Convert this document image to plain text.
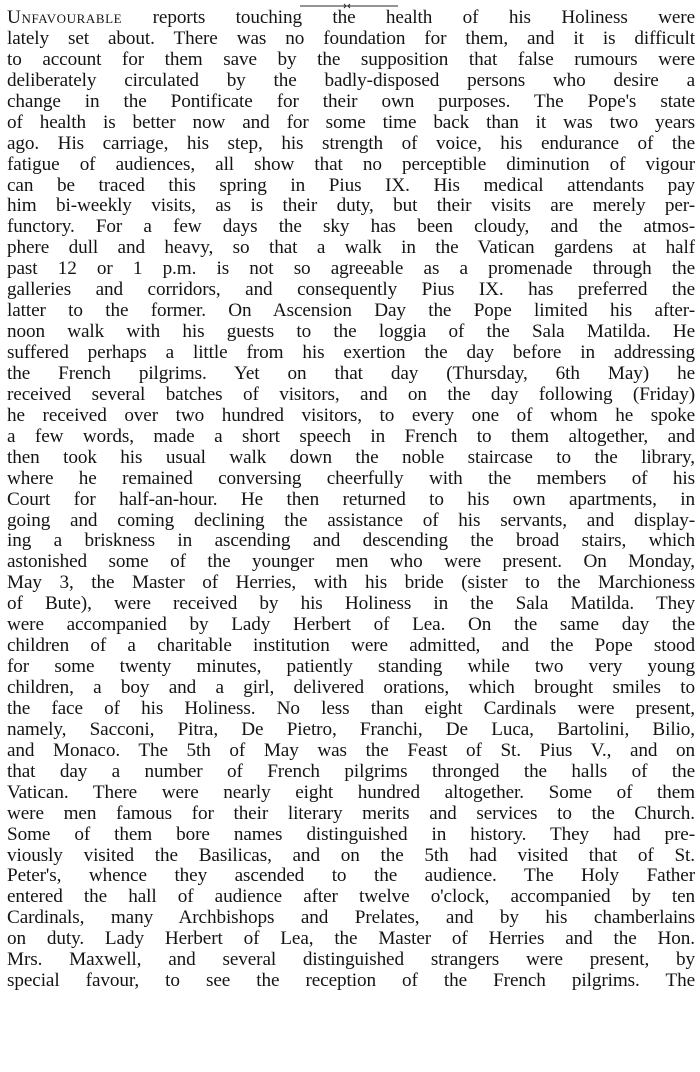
Unfavourable reports touching the health of his Holiness were
lately set about. There was no foundation for them, and it is difficult
to account for them save by the supposition that false rumours were
deliberately circulated by the badly-disposed persons who desire a
change in the Pontificate for their own purposes. The Pope's state
of health is better now and for some time back than it was two years
ago. His carriage, his step, his strength of voice, his endurance of the
fatigue of audiences, all show that no perceptible diminution of vigour
can be traced this spring in Pius IX. His medical attendants pay
him bi-weekly visits, as is their duty, but their visits are merely per-
functory. For a few days the sky has been cloudy, and the atmos-
phere dull and heavy, so that a walk in the Vatican gardens at half
past 12 or 1 p.m. is not so agreeable as a promenade through the
galleries and corridors, and consequently Pius IX. has preferred the
latter to the former. On Ascension Day the Pope limited his after-
noon walk with his guests to the loggia of the Sala Matilda. He
suffered perhaps a little from his exertion the day before in addressing
the French pilgrims. Yet on that day (Thursday, 6th May) he
received several batches of visitors, and on the day following (Friday)
he received over two hundred visitors, to every one of whom he spoke
a few words, made a short speech in French to them altogether, and
then took his usual walk down the noble staircase to the library,
where he remained conversing cheerfully with the members of his
Court for half-an-hour. He then returned to his own apartments, in
going and coming declining the assistance of his servants, and display-
ing a briskness in ascending and descending the broad stairs, which
astonished some of the younger men who were present. On Monday,
May 3, the Master of Herries, with his bride (sister to the Marchioness
of Bute), were received by his Holiness in the Sala Matilda. They
were accompanied by Lady Herbert of Lea. On the same day the
children of a charitable institution were admitted, and the Pope stood
for some twenty minutes, patiently standing while two very young
children, a boy and a girl, delivered orations, which brought smiles to
the face of his Holiness. No less than eight Cardinals were present,
namely, Sacconi, Pitra, De Pietro, Franchi, De Luca, Bartolini, Bilio,
and Monaco. The 5th of May was the Feast of St. Pius V., and on
that day a number of French pilgrims thronged the halls of the
Vatican. There were nearly eight hundred altogether. Some of them
were men famous for their literary merits and services to the Church.
Some of them bore names distinguished in history. They had pre-
viously visited the Basilicas, and on the 5th had visited that of St.
Peter's, whence they ascended to the audience. The Holy Father
entered the hall of audience after twelve o'clock, accompanied by ten
Cardinals, many Archbishops and Prelates, and by his chamberlains
on duty. Lady Herbert of Lea, the Master of Herries and the Hon.
Mrs. Maxwell, and several distinguished strangers were present, by
special favour, to see the reception of the French pilgrims. The
